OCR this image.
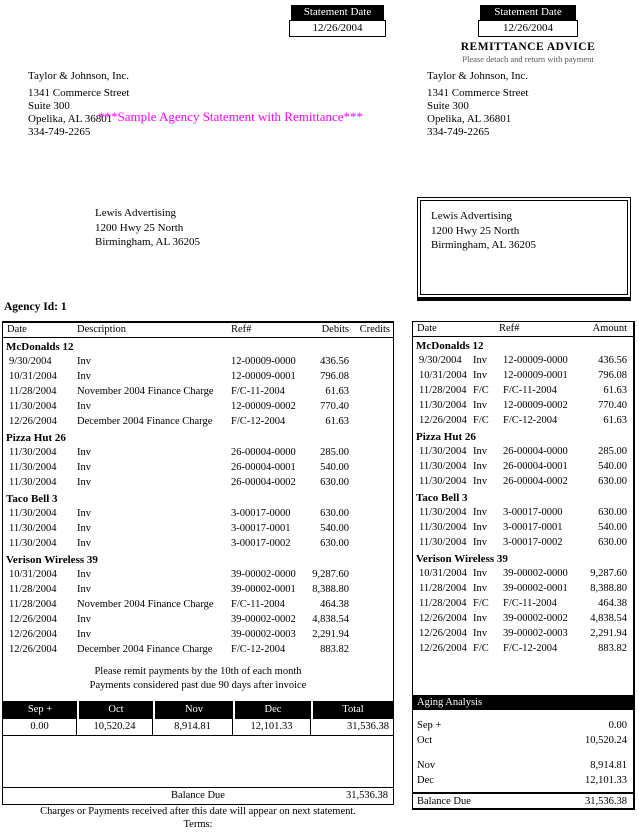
Statement Date
12/26/2004
Statement Date
12/26/2004
REMITTANCE ADVICE
Please detach and return with payment
Taylor & Johnson, Inc.
1341 Commerce Street
Suite 300
Opelika, AL 36801
334-749-2265
Taylor & Johnson, Inc.
1341 Commerce Street
Suite 300
Opelika, AL 36801
334-749-2265
***Sample Agency Statement with Remittance***
Lewis Advertising
1200 Hwy 25 North
Birmingham, AL 36205
Lewis Advertising
1200 Hwy 25 North
Birmingham, AL 36205
Agency Id: 1
Date	Description	Ref#	Debits	Credits
McDonalds 12
9/30/2004	Inv	12-00009-0000	436.56
10/31/2004	Inv	12-00009-0001	796.08
11/28/2004	November 2004 Finance Charge	F/C-11-2004	61.63
11/30/2004	Inv	12-00009-0002	770.40
12/26/2004	December 2004 Finance Charge	F/C-12-2004	61.63
Pizza Hut 26
11/30/2004	Inv	26-00004-0000	285.00
11/30/2004	Inv	26-00004-0001	540.00
11/30/2004	Inv	26-00004-0002	630.00
Taco Bell 3
11/30/2004	Inv	3-00017-0000	630.00
11/30/2004	Inv	3-00017-0001	540.00
11/30/2004	Inv	3-00017-0002	630.00
Verison Wireless 39
10/31/2004	Inv	39-00002-0000	9,287.60
11/28/2004	Inv	39-00002-0001	8,388.80
11/28/2004	November 2004 Finance Charge	F/C-11-2004	464.38
12/26/2004	Inv	39-00002-0002	4,838.54
12/26/2004	Inv	39-00002-0003	2,291.94
12/26/2004	December 2004 Finance Charge	F/C-12-2004	883.82
Please remit payments by the 10th of each month
Payments considered past due 90 days after invoice
Sep +	Oct	Nov	Dec	Total
0.00	10,520.24	8,914.81	12,101.33	31,536.38
Balance Due	31,536.38
Date	Ref#	Amount
McDonalds 12
9/30/2004	Inv	12-00009-0000	436.56
10/31/2004 Inv	12-00009-0001	796.08
11/28/2004 F/C	F/C-11-2004	61.63
11/30/2004 Inv	12-00009-0002	770.40
12/26/2004 F/C	F/C-12-2004	61.63
Pizza Hut 26
11/30/2004 Inv	26-00004-0000	285.00
11/30/2004 Inv	26-00004-0001	540.00
11/30/2004 Inv	26-00004-0002	630.00
Taco Bell 3
11/30/2004 Inv	3-00017-0000	630.00
11/30/2004 Inv	3-00017-0001	540.00
11/30/2004 Inv	3-00017-0002	630.00
Verison Wireless 39
10/31/2004 Inv	39-00002-0000	9,287.60
11/28/2004 Inv	39-00002-0001	8,388.80
11/28/2004 F/C	F/C-11-2004	464.38
12/26/2004 Inv	39-00002-0002	4,838.54
12/26/2004 Inv	39-00002-0003	2,291.94
12/26/2004 F/C	F/C-12-2004	883.82
Aging Analysis
Sep +	0.00
Oct	10,520.24
Nov	8,914.81
Dec	12,101.33
Balance Due	31,536.38
Charges or Payments received after this date will appear on next statement.
Terms:
